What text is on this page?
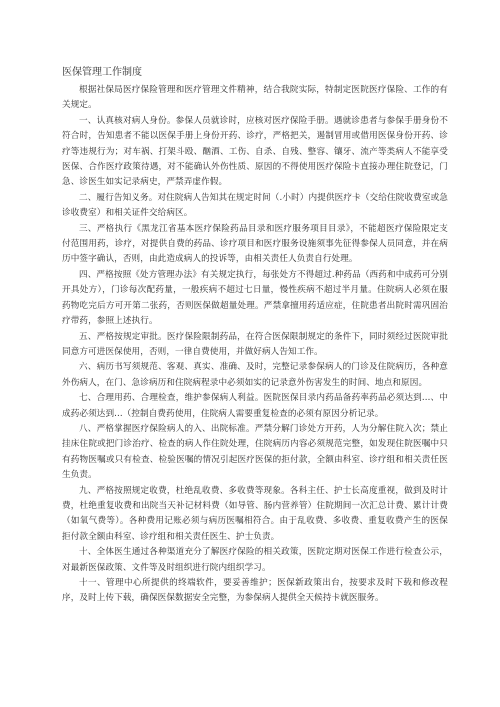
医保管理工作制度

根据社保局医疗保险管理和医疗管理文件精神，结合我院实际，特制定医院医疗保险、工作的有关规定。

一、认真核对病人身份。参保人员就诊时，应核对医疗保险手册。遇就诊患者与参保手册身份不符合时，告知患者不能以医保手册上身份开药、诊疗，严格把关，遏制冒用或借用医保身份开药、诊疗等违规行为；对车祸、打架斗殴、酗酒、工伤、自杀、自残、整容、镶牙、流产等类病人不能享受医保、合作医疗政策待遇，对不能确认外伤性质、原因的不得使用医疗保险卡直接办理住院登记，门急、诊医生如实记录病史，严禁弄虚作假。

二、履行告知义务。对住院病人告知其在规定时间（.小时）内提供医疗卡（交给住院收费室或急诊收费室）和相关证件交给病区。

三、严格执行《黑龙江省基本医疗保险药品目录和医疗服务项目目录》，不能超医疗保险限定支付范围用药，诊疗，对提供自费的药品、诊疗项目和医疗服务设施须事先征得参保人员同意，并在病历中签字确认，否则，由此造成病人的投诉等，由相关责任人负责自行处理。

四、严格按照《处方管理办法》有关规定执行，每张处方不得超过.种药品（西药和中成药可分别开具处方），门诊每次配药量，一般疾病不超过七日量，慢性疾病不超过半月量。住院病人必须在服药物吃完后方可开第二张药，否则医保做超量处理。严禁拿擅用药适应症，住院患者出院时需巩固治疗带药，参照上述执行。

五、严格按规定审批。医疗保险限制药品，在符合医保限制规定的条件下，同时须经过医院审批同意方可进医保使用，否则，一律自费使用，并做好病人告知工作。

六、病历书写须规范、客观、真实、准确、及时，完整记录参保病人的门诊及住院病历，各种意外伤病人，在门、急诊病历和住院病程录中必须如实的记录意外伤害发生的时间、地点和原因。

七、合理用药、合理检查，维护参保病人利益。医院医保目录内药品备药率药品必须达到...、中成药必须达到...（控制自费药使用，住院病人需要重复检查的必须有原因分析记录。

八、严格掌握医疗保险病人的入、出院标准。严禁分解门诊处方开药，人为分解住院入次；禁止挂床住院或把门诊治疗、检查的病人作住院处理，住院病历内容必须规范完整，如发现住院医嘱中只有药物医嘱或只有检查、检验医嘱的情况引起医疗医保的拒付款，全额由科室、诊疗组和相关责任医生负责。

九、严格按照规定收费，杜绝乱收费、多收费等现象。各科主任、护士长高度重视，做到及时计费，杜绝重复收费和出院当天补记材料费（如导管、肠内营养管）住院期间一次汇总计费、累计计费（如氧气费等）。各种费用记账必须与病历医嘱相符合。由于乱收费、多收费、重复收费产生的医保拒付款全额由科室、诊疗组和相关责任医生、护士负责。

十、全体医生通过各种渠道充分了解医疗保险的相关政策，医院定期对医保工作进行检查公示，对最新医保政策、文件等及时组织进行院内组织学习。

十一、管理中心所提供的终端软件，要妥善维护；医保新政策出台，按要求及时下载和修改程序，及时上传下载，确保医保数据安全完整，为参保病人提供全天候持卡就医服务。
